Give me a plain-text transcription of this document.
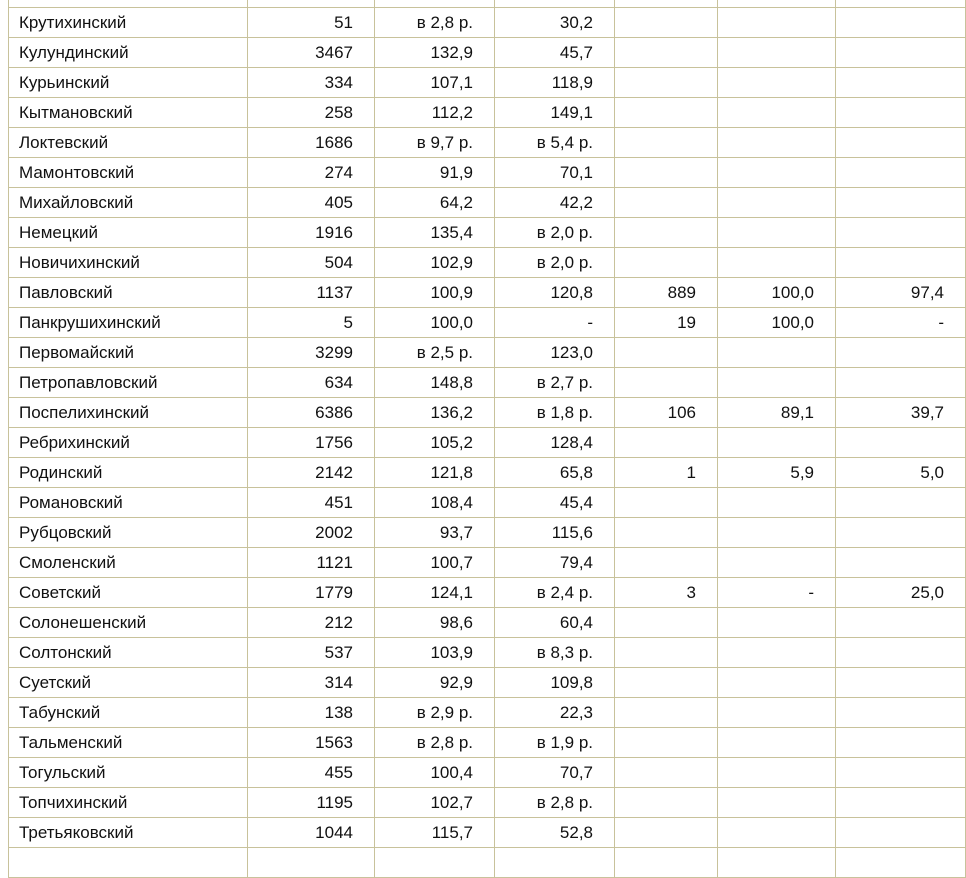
Крутихинский	51	в 2,8 р.	30,2			
Кулундинский	3467	132,9	45,7			
Курьинский	334	107,1	118,9			
Кытмановский	258	112,2	149,1			
Локтевский	1686	в 9,7 р.	в 5,4 р.			
Мамонтовский	274	91,9	70,1			
Михайловский	405	64,2	42,2			
Немецкий	1916	135,4	в 2,0 р.			
Новичихинский	504	102,9	в 2,0 р.			
Павловский	1137	100,9	120,8	889	100,0	97,4
Панкрушихинский	5	100,0	-	19	100,0	-
Первомайский	3299	в 2,5 р.	123,0			
Петропавловский	634	148,8	в 2,7 р.			
Поспелихинский	6386	136,2	в 1,8 р.	106	89,1	39,7
Ребрихинский	1756	105,2	128,4			
Родинский	2142	121,8	65,8	1	5,9	5,0
Романовский	451	108,4	45,4			
Рубцовский	2002	93,7	115,6			
Смоленский	1121	100,7	79,4			
Советский	1779	124,1	в 2,4 р.	3	-	25,0
Солонешенский	212	98,6	60,4			
Солтонский	537	103,9	в 8,3 р.			
Суетский	314	92,9	109,8			
Табунский	138	в 2,9 р.	22,3			
Тальменский	1563	в 2,8 р.	в 1,9 р.			
Тогульский	455	100,4	70,7			
Топчихинский	1195	102,7	в 2,8 р.			
Третьяковский	1044	115,7	52,8			
